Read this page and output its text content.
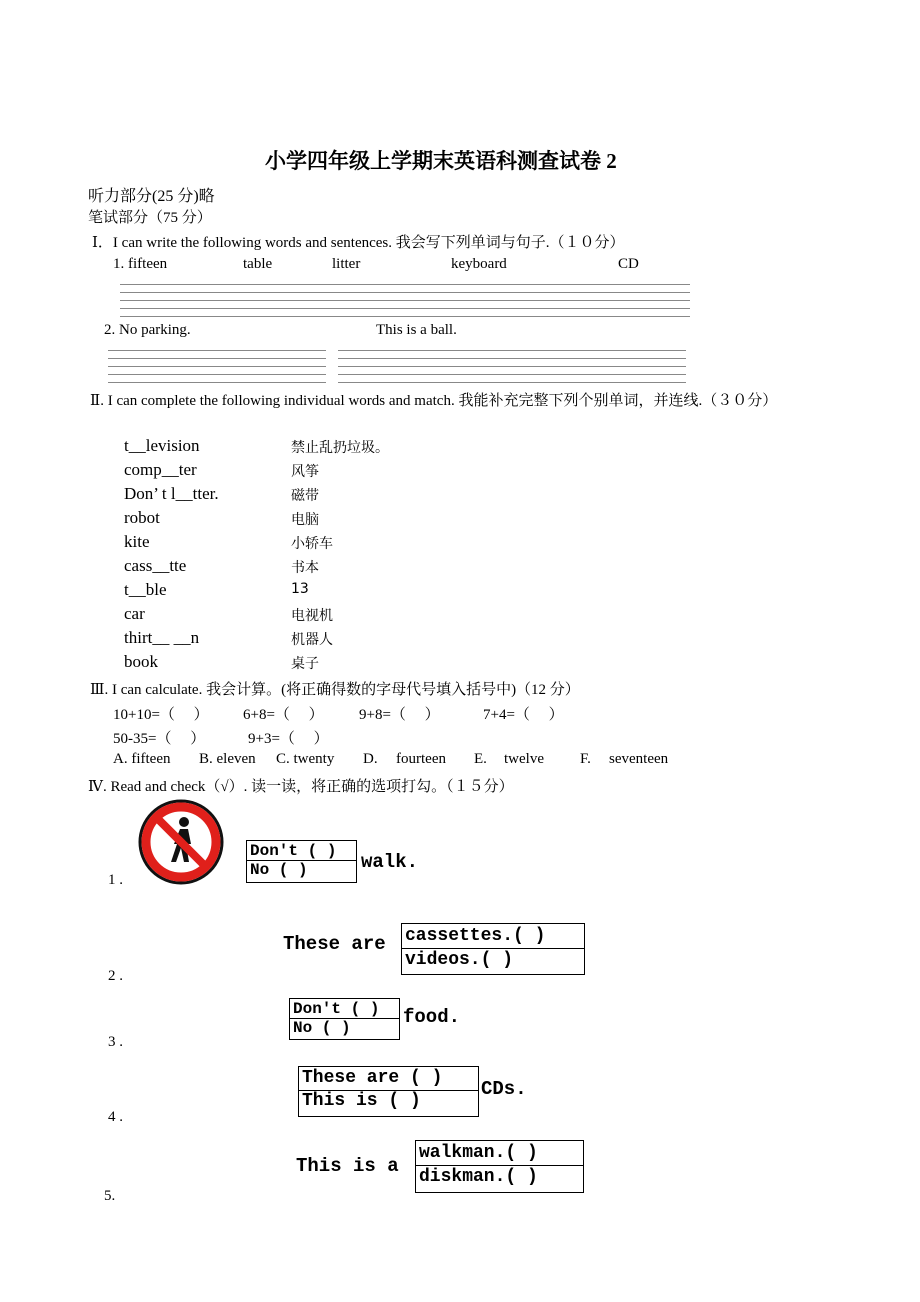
小学四年级上学期末英语科测查试卷 2
听力部分(25 分)略
笔试部分（75 分）
Ⅰ．I can write the following words and sentences. 我会写下列单词与句子.（１０分）
1. fifteen	table	litter	keyboard	CD
2. No parking.	This is a ball.
Ⅱ. I can complete the following individual words and match. 我能补充完整下列个别单词，并连线.（３０分）
t__levision
comp__ter
Don’ t l__tter.
robot
kite
cass__tte
t__ble
car
thirt__ __n
book
禁止乱扔垃圾。
风筝
磁带
电脑
小轿车
书本
13
电视机
机器人
桌子
Ⅲ. I can calculate. 我会计算。(将正确得数的字母代号填入括号中)（12 分）
10+10=（　 ） 6+8=（　 ） 9+8=（　 ）	7+4=（　 ）
50-35=（　 ）	9+3=（　 ）
A. fifteen B. eleven C. twenty D. fourteen E. twelve F. seventeen
Ⅳ. Read and check（√）. 读一读，将正确的选项打勾。（１５分）
1 .
Don't ( )
No ( )	walk.
These are cassettes.( )
videos.( )
2 .
Don't ( )
No ( )	food.
3 .
These are ( )
This is ( )
CDs.
4 .
This is a
walkman.( )
diskman.( )
5.
